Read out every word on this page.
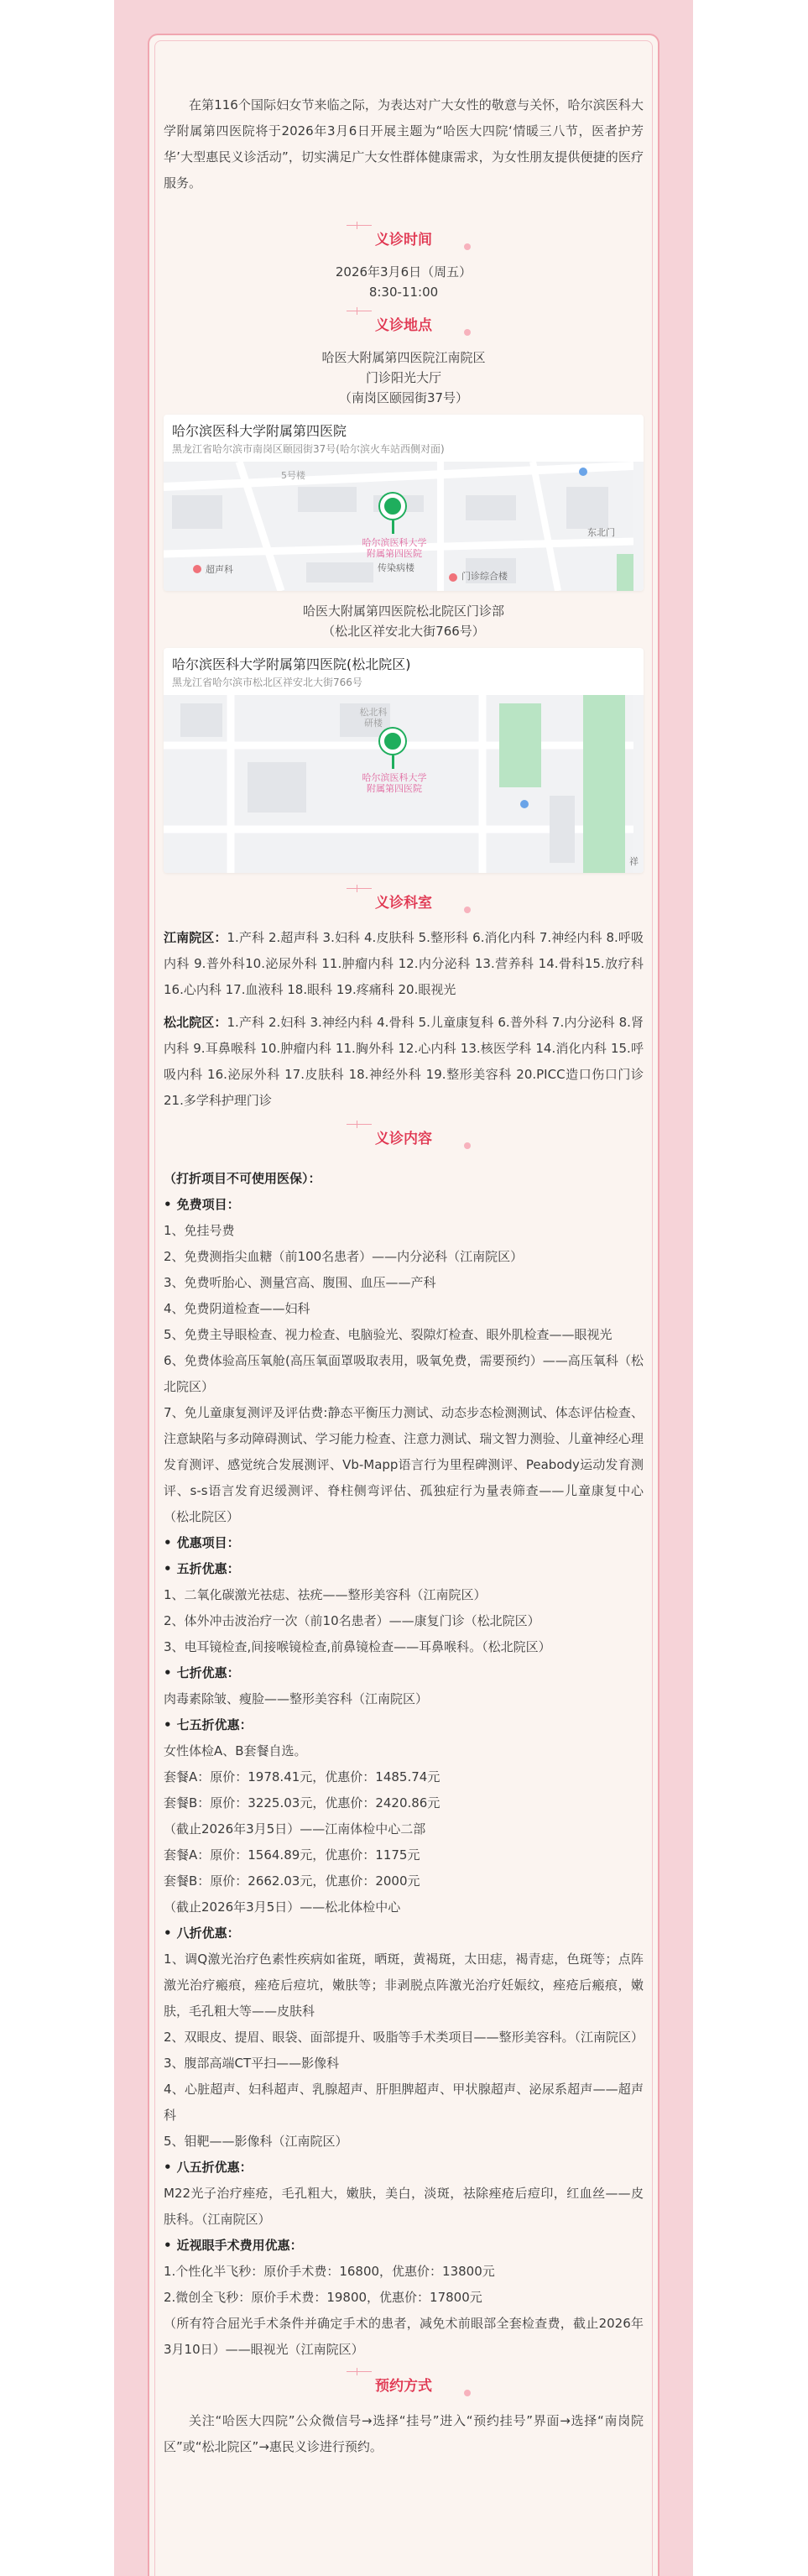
在第116个国际妇女节来临之际，为表达对广大女性的敬意与关怀，哈尔滨医科大学附属第四医院将于2026年3月6日开展主题为“哈医大四院‘情暖三八节，医者护芳华’大型惠民义诊活动”，切实满足广大女性群体健康需求，为女性朋友提供便捷的医疗服务。

义诊时间
2026年3月6日（周五）
8:30-11:00
义诊地点
哈医大附属第四医院江南院区
门诊阳光大厅
（南岗区颐园街37号）
哈尔滨医科大学附属第四医院
黑龙江省哈尔滨市南岗区颐园街37号(哈尔滨火车站西侧对面)
哈尔滨医科大学
附属第四医院
5号楼
传染病楼
超声科
东北门
门诊综合楼
哈医大附属第四医院松北院区门诊部
（松北区祥安北大街766号）
哈尔滨医科大学附属第四医院(松北院区)
黑龙江省哈尔滨市松北区祥安北大街766号
哈尔滨医科大学
附属第四医院
松北科研楼
祥
义诊科室

江南院区：1.产科 2.超声科 3.妇科 4.皮肤科 5.整形科 6.消化内科 7.神经内科 8.呼吸内科 9.普外科10.泌尿外科 11.肿瘤内科 12.内分泌科 13.营养科 14.骨科15.放疗科 16.心内科 17.血液科 18.眼科 19.疼痛科 20.眼视光

松北院区：1.产科 2.妇科 3.神经内科 4.骨科 5.儿童康复科 6.普外科 7.内分泌科 8.肾内科 9.耳鼻喉科 10.肿瘤内科 11.胸外科 12.心内科 13.核医学科 14.消化内科 15.呼吸内科 16.泌尿外科 17.皮肤科 18.神经外科 19.整形美容科 20.PICC造口伤口门诊 21.多学科护理门诊

义诊内容
（打折项目不可使用医保）：
• 免费项目：
1、免挂号费
2、免费测指尖血糖（前100名患者）——内分泌科（江南院区）
3、免费听胎心、测量宫高、腹围、血压——产科
4、免费阴道检查——妇科
5、免费主导眼检查、视力检查、电脑验光、裂隙灯检查、眼外肌检查——眼视光
6、免费体验高压氧舱(高压氧面罩吸取表用，吸氧免费，需要预约）——高压氧科（松北院区）
7、免儿童康复测评及评估费:静态平衡压力测试、动态步态检测测试、体态评估检查、注意缺陷与多动障碍测试、学习能力检查、注意力测试、瑞文智力测验、儿童神经心理发育测评、感觉统合发展测评、Vb-Mapp语言行为里程碑测评、Peabody运动发育测评、s-s语言发育迟缓测评、脊柱侧弯评估、孤独症行为量表筛查——儿童康复中心（松北院区）
• 优惠项目：
• 五折优惠：
1、二氧化碳激光祛痣、祛疣——整形美容科（江南院区）
2、体外冲击波治疗一次（前10名患者）——康复门诊（松北院区）
3、电耳镜检查,间接喉镜检查,前鼻镜检查——耳鼻喉科。（松北院区）
• 七折优惠：
肉毒素除皱、瘦脸——整形美容科（江南院区）
• 七五折优惠：
女性体检A、B套餐自选。
套餐A：原价：1978.41元，优惠价：1485.74元
套餐B：原价：3225.03元，优惠价：2420.86元
（截止2026年3月5日）——江南体检中心二部
套餐A：原价：1564.89元，优惠价：1175元
套餐B：原价：2662.03元，优惠价：2000元
（截止2026年3月5日）——松北体检中心
• 八折优惠：
1、调Q激光治疗色素性疾病如雀斑，晒斑，黄褐斑，太田痣，褐青痣，色斑等；点阵激光治疗瘢痕，痤疮后痘坑，嫩肤等；非剥脱点阵激光治疗妊娠纹，痤疮后瘢痕，嫩肤，毛孔粗大等——皮肤科
2、双眼皮、提眉、眼袋、面部提升、吸脂等手术类项目——整形美容科。（江南院区）
3、腹部高端CT平扫——影像科
4、心脏超声、妇科超声、乳腺超声、肝胆脾超声、甲状腺超声、泌尿系超声——超声科
5、钼靶——影像科（江南院区）
• 八五折优惠：
M22光子治疗痤疮，毛孔粗大，嫩肤，美白，淡斑，祛除痤疮后痘印，红血丝——皮肤科。（江南院区）
• 近视眼手术费用优惠：
1.个性化半飞秒：原价手术费：16800，优惠价：13800元
2.微创全飞秒：原价手术费：19800，优惠价：17800元
（所有符合屈光手术条件并确定手术的患者，减免术前眼部全套检查费，截止2026年3月10日）——眼视光（江南院区）
预约方式

关注“哈医大四院”公众微信号→选择“挂号”进入“预约挂号”界面→选择“南岗院区”或“松北院区”→惠民义诊进行预约。
